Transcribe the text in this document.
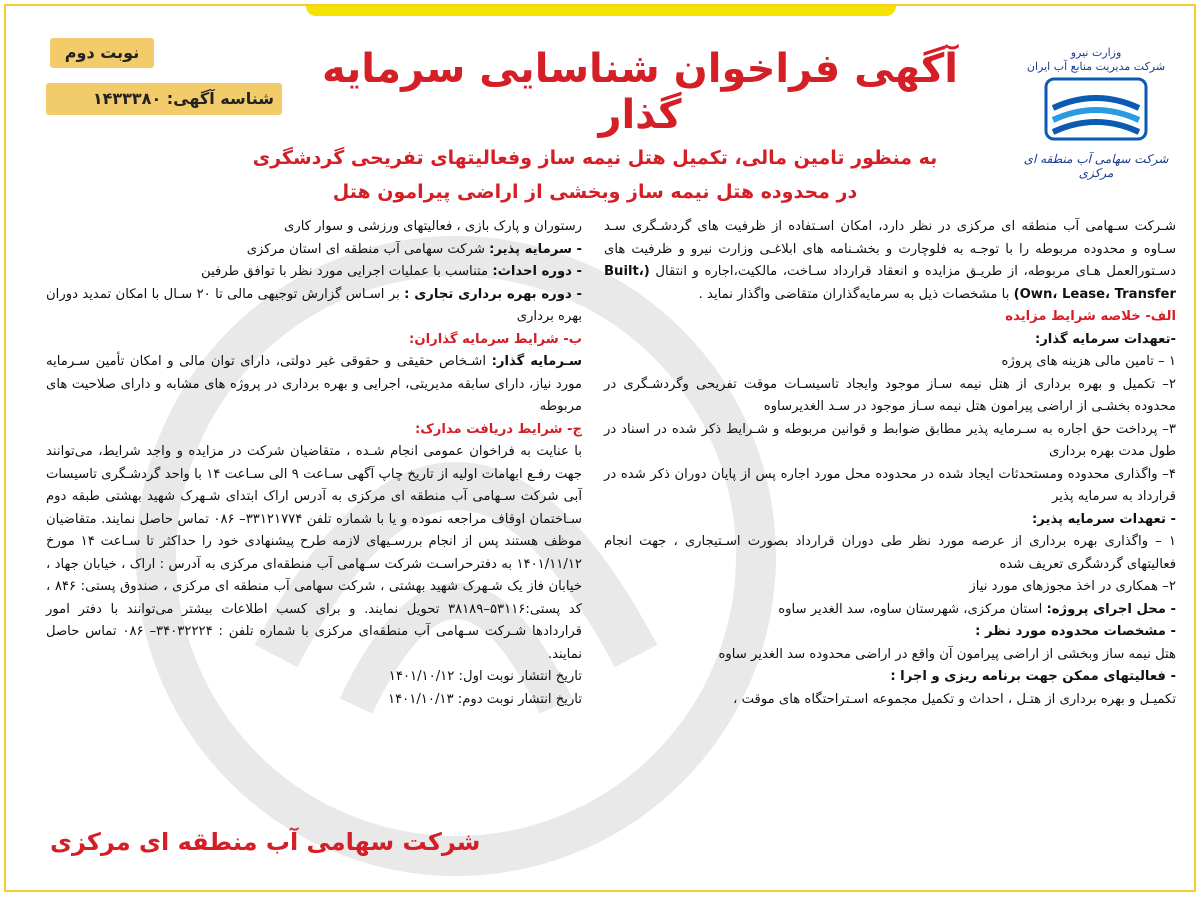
نوبت دوم
شناسه آگهی: ۱۴۳۳۳۸۰
آگهی فراخوان شناسایی سرمایه گذار
وزارت نیرو
شرکت مدیریت منابع آب ایران
شرکت سهامی آب منطقه ای مرکزی
به منظور تامین مالی، تکمیل هتل نیمه ساز وفعالیتهای تفریحی گردشگری
در محدوده هتل نیمه ساز وبخشی از اراضی پیرامون هتل

شـرکت سـهامی آب منطقه ای مرکزی در نظر دارد، امکان اسـتفاده از ظرفیت های گردشـگری سـد سـاوه و محدوده مربوطه را با توجـه به فلوچارت و بخشـنامه های ابلاغـی وزارت نیرو و ظرفیت های دسـتورالعمل هـای مربوطه، از طریـق مزایده و انعقاد قرارداد سـاخت، مالکیت،اجاره و انتقال (Built، Own، Lease، Transfer) با مشخصات ذیل به سرمایه‌گذاران متقاضی واگذار نماید .

الف- خلاصه شرایط مزایده

-تعهدات سرمایه گذار:

۱ – تامین مالی هزینه های پروژه

۲– تکمیل و بهره برداری از هتل نیمه سـاز موجود وایجاد تاسیسـات موقت تفریحی وگردشـگری در محدوده بخشـی از اراضی پیرامون هتل نیمه سـاز موجود در سـد الغدیرساوه

۳– پرداخت حق اجاره به سـرمایه پذیر مطابق ضوابط و قوانین مربوطه و شـرایط ذکر شده در اسناد در طول مدت بهره برداری

۴– واگذاری محدوده ومستحدثات ایجاد شده در محدوده محل مورد اجاره پس از پایان دوران ذکر شده در قرارداد به سرمایه پذیر

- تعهدات سرمایه پذیر:

۱ – واگذاری بهره برداری از عرصه مورد نظر طی دوران قرارداد بصورت اسـتیجاری ، جهت انجام فعالیتهای گردشگری تعریف شده

۲– همکاری در اخذ مجوزهای مورد نیاز

- محل اجرای پروژه: استان مرکزی، شهرستان ساوه، سد الغدیر ساوه

- مشخصات محدوده مورد نظر :

هتل نیمه ساز وبخشی از اراضی پیرامون آن واقع در اراضی محدوده سد الغدیر ساوه

- فعالیتهای ممکن جهت برنامه ریزی و اجرا :

تکمیـل و بهره برداری از هتـل ، احداث و تکمیل مجموعه اسـتراحتگاه های موقت ،

رستوران و پارک بازی ، فعالیتهای ورزشی و سوار کاری

- سرمایه پذیر: شرکت سهامی آب منطقه ای استان مرکزی

- دوره احداث: متناسب با عملیات اجرایی مورد نظر با توافق طرفین

- دوره بهره برداری تجاری : بر اسـاس گزارش توجیهی مالی تا ۲۰ سـال با امکان تمدید دوران بهره برداری

ب- شرایط سرمایه گذاران:

سـرمایه گذار: اشـخاص حقیقی و حقوقی غیر دولتی، دارای توان مالی و امکان تأمین سـرمایه مورد نیاز، دارای سابقه مدیریتی، اجرایی و بهره برداری در پروژه های مشابه و دارای صلاحیت های مربوطه

ج- شرایط دریافت مدارک:

با عنایت به فراخوان عمومی انجام شـده ، متقاضیان شرکت در مزایده و واجد شرایط، می‌توانند جهت رفـع ابهامات اولیه از تاریخ چاپ آگهی سـاعت ۹ الی سـاعت ۱۴ با واحد گردشـگری تاسیسات آبی شرکت سـهامی آب منطقه ای مرکزی به آدرس اراک ابتدای شـهرک شهید بهشتی طبقه دوم سـاختمان اوقاف مراجعه نموده و یا با شماره تلفن ۳۳۱۲۱۷۷۴– ۰۸۶ تماس حاصل نمایند. متقاضیان موظف هستند پس از انجام بررسـیهای لازمه طرح پیشنهادی خود را حداکثر تا سـاعت ۱۴ مورخ ۱۴۰۱/۱۱/۱۲ به دفترحراسـت شرکت سـهامی آب منطقه‌ای مرکزی به آدرس : اراک ، خیابان جهاد ، خیابان فاز یک شـهرک شهید بهشتی ، شرکت سهامی آب منطقه ای مرکزی ، صندوق پستی: ۸۴۶ ، کد پستی:۵۳۱۱۶–۳۸۱۸۹ تحویل نمایند. و برای کسب اطلاعات بیشتر می‌توانند با دفتر امور قراردادها شـرکت سـهامی آب منطقه‌ای مرکزی با شماره تلفن : ۳۴۰۳۲۲۲۴– ۰۸۶ تماس حاصل نمایند.

تاریخ انتشار نوبت اول: ۱۴۰۱/۱۰/۱۲

تاریخ انتشار نوبت دوم: ۱۴۰۱/۱۰/۱۳

شرکت سهامی آب منطقه ای مرکزی
